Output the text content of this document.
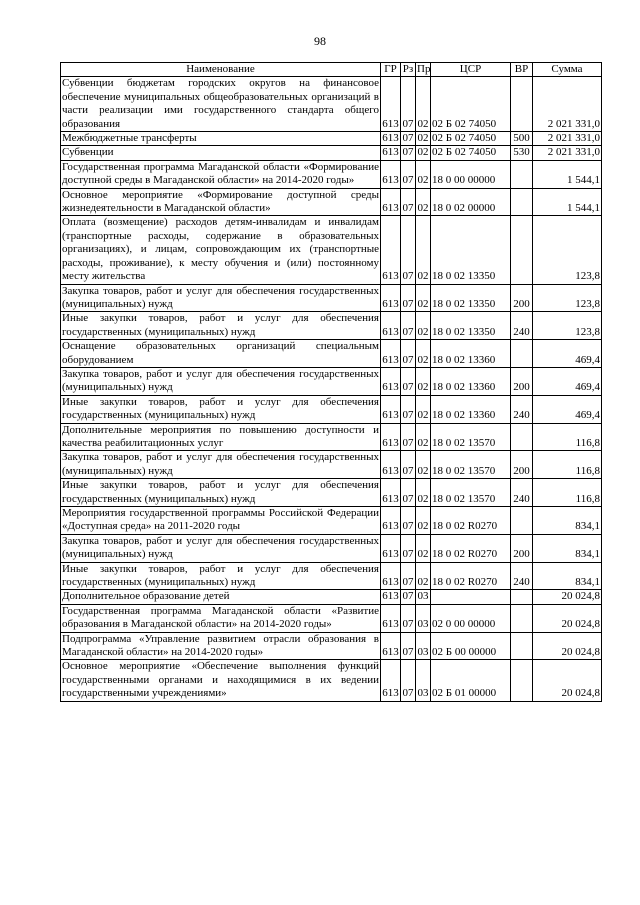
98
Наименование	ГР	Рз	Пр	ЦСР	ВР	Сумма
Субвенции бюджетам городских округов на финансовое обеспечение муниципальных общеобразовательных организаций в части реализации ими государственного стандарта общего образования	613	07	02	02 Б 02 74050		2 021 331,0
Межбюджетные трансферты	613	07	02	02 Б 02 74050	500	2 021 331,0
Субвенции	613	07	02	02 Б 02 74050	530	2 021 331,0
Государственная программа Магаданской области «Формирование доступной среды в Магаданской области» на 2014-2020 годы»	613	07	02	18 0 00 00000		1 544,1
Основное мероприятие «Формирование доступной среды жизнедеятельности в Магаданской области»	613	07	02	18 0 02 00000		1 544,1
Оплата (возмещение) расходов детям-инвалидам и инвалидам (транспортные расходы, содержание в образовательных организациях), и лицам, сопровождающим их (транспортные расходы, проживание), к месту обучения и (или) постоянному месту жительства	613	07	02	18 0 02 13350		123,8
Закупка товаров, работ и услуг для обеспечения государственных (муниципальных) нужд	613	07	02	18 0 02 13350	200	123,8
Иные закупки товаров, работ и услуг для обеспечения государственных (муниципальных) нужд	613	07	02	18 0 02 13350	240	123,8
Оснащение образовательных организаций специальным оборудованием	613	07	02	18 0 02 13360		469,4
Закупка товаров, работ и услуг для обеспечения государственных (муниципальных) нужд	613	07	02	18 0 02 13360	200	469,4
Иные закупки товаров, работ и услуг для обеспечения государственных (муниципальных) нужд	613	07	02	18 0 02 13360	240	469,4
Дополнительные мероприятия по повышению доступности и качества реабилитационных услуг	613	07	02	18 0 02 13570		116,8
Закупка товаров, работ и услуг для обеспечения государственных (муниципальных) нужд	613	07	02	18 0 02 13570	200	116,8
Иные закупки товаров, работ и услуг для обеспечения государственных (муниципальных) нужд	613	07	02	18 0 02 13570	240	116,8
Мероприятия государственной программы Российской Федерации «Доступная среда» на 2011-2020 годы	613	07	02	18 0 02 R0270		834,1
Закупка товаров, работ и услуг для обеспечения государственных (муниципальных) нужд	613	07	02	18 0 02 R0270	200	834,1
Иные закупки товаров, работ и услуг для обеспечения государственных (муниципальных) нужд	613	07	02	18 0 02 R0270	240	834,1
Дополнительное образование детей	613	07	03			20 024,8
Государственная программа Магаданской области «Развитие образования в Магаданской области» на 2014-2020 годы»	613	07	03	02 0 00 00000		20 024,8
Подпрограмма «Управление развитием отрасли образования в Магаданской области» на 2014-2020 годы»	613	07	03	02 Б 00 00000		20 024,8
Основное мероприятие «Обеспечение выполнения функций государственными органами и находящимися в их ведении государственными учреждениями»	613	07	03	02 Б 01 00000		20 024,8
